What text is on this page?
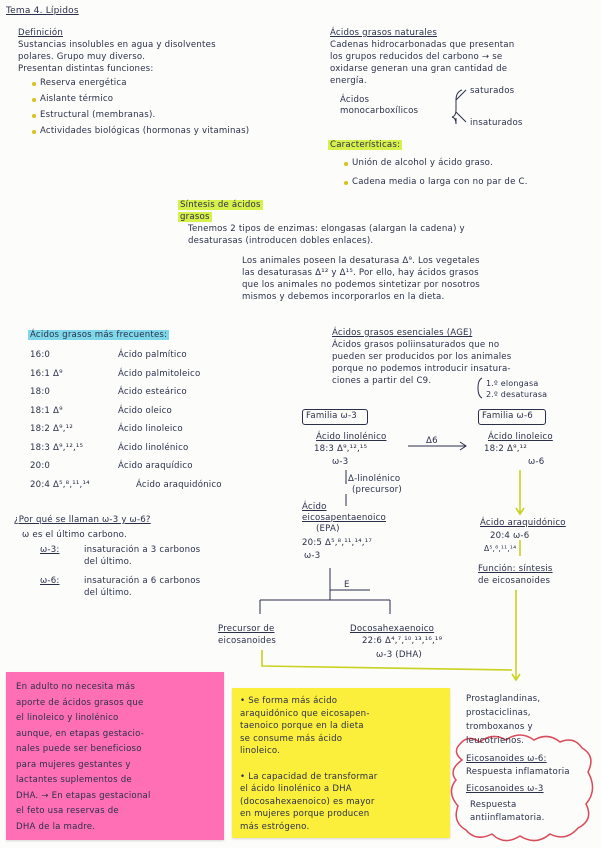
Tema 4. Lípidos
Definición
Sustancias insolubles en agua y disolventes
polares. Grupo muy diverso.
Presentan distintas funciones:
Reserva energética
Aislante térmico
Estructural (membranas).
Actividades biológicas (hormonas y vitaminas)
Ácidos grasos naturales
Cadenas hidrocarbonadas que presentan
los grupos reducidos del carbono → se
oxidarse generan una gran cantidad de
energía.
Ácidos monocarboxílicos
saturados
insaturados
Características:
Unión de alcohol y ácido graso.
Cadena media o larga con no par de C.
Síntesis de ácidos
grasos
Tenemos 2 tipos de enzimas: elongasas (alargan la cadena) y
desaturasas (introducen dobles enlaces).
Los animales poseen la desaturasa Δ⁹. Los vegetales
las desaturasas Δ¹² y Δ¹⁵. Por ello, hay ácidos grasos
que los animales no podemos sintetizar por nosotros
mismos y debemos incorporarlos en la dieta.
Ácidos grasos más frecuentes:
16:0	Ácido palmítico
16:1 Δ⁹	Ácido palmitoleico
18:0	Ácido esteárico
18:1 Δ⁹	Ácido oleico
18:2 Δ⁹,¹²	Ácido linoleico
18:3 Δ⁹,¹²,¹⁵	Ácido linolénico
20:0	Ácido araquídico
20:4 Δ⁵,⁸,¹¹,¹⁴	Ácido araquidónico
Ácidos grasos esenciales (AGE)
Ácidos grasos poliinsaturados que no
pueden ser producidos por los animales
porque no podemos introducir insatura-
ciones a partir del C9.	1.º elongasa
2.º desaturasa
¿Por qué se llaman ω-3 y ω-6?
ω es el último carbono.
ω-3:	insaturación a 3 carbonos
del último.
ω-6:	insaturación a 6 carbonos
del último.
Familia ω-3	Familia ω-6
Ácido linolénico
18:3 Δ⁹,¹²,¹⁵
ω-3
Δ6	Ácido linoleico
18:2 Δ⁹,¹²
ω-6
Δ-linolénico
(precursor)
Ácido
eicosapentaenoico
(EPA)
20:5 Δ⁵,⁸,¹¹,¹⁴,¹⁷
ω-3
Ácido araquidónico
20:4 ω-6
Δ⁵,⁸,¹¹,¹⁴
Función: síntesis
de eicosanoides
E
Precursor de
eicosanoides
Docosahexaenoico
22:6 Δ⁴,⁷,¹⁰,¹³,¹⁶,¹⁹
ω-3 (DHA)
Prostaglandinas,
prostaciclinas,
tromboxanos y
leucotrienos.
Eicosanoides ω-6:
Respuesta inflamatoria
Eicosanoides ω-3
Respuesta
antiinflamatoria.
En adulto no necesita más
aporte de ácidos grasos que
el linoleico y linolénico
aunque, en etapas gestacio-
nales puede ser beneficioso
para mujeres gestantes y
lactantes suplementos de
DHA. → En etapas gestacional
el feto usa reservas de
DHA de la madre.
• Se forma más ácido
araquidónico que eicosapen-
taenoico porque en la dieta
se consume más ácido
linoleico.
• La capacidad de transformar
el ácido linolénico a DHA
(docosahexaenoico) es mayor
en mujeres porque producen
más estrógeno.
